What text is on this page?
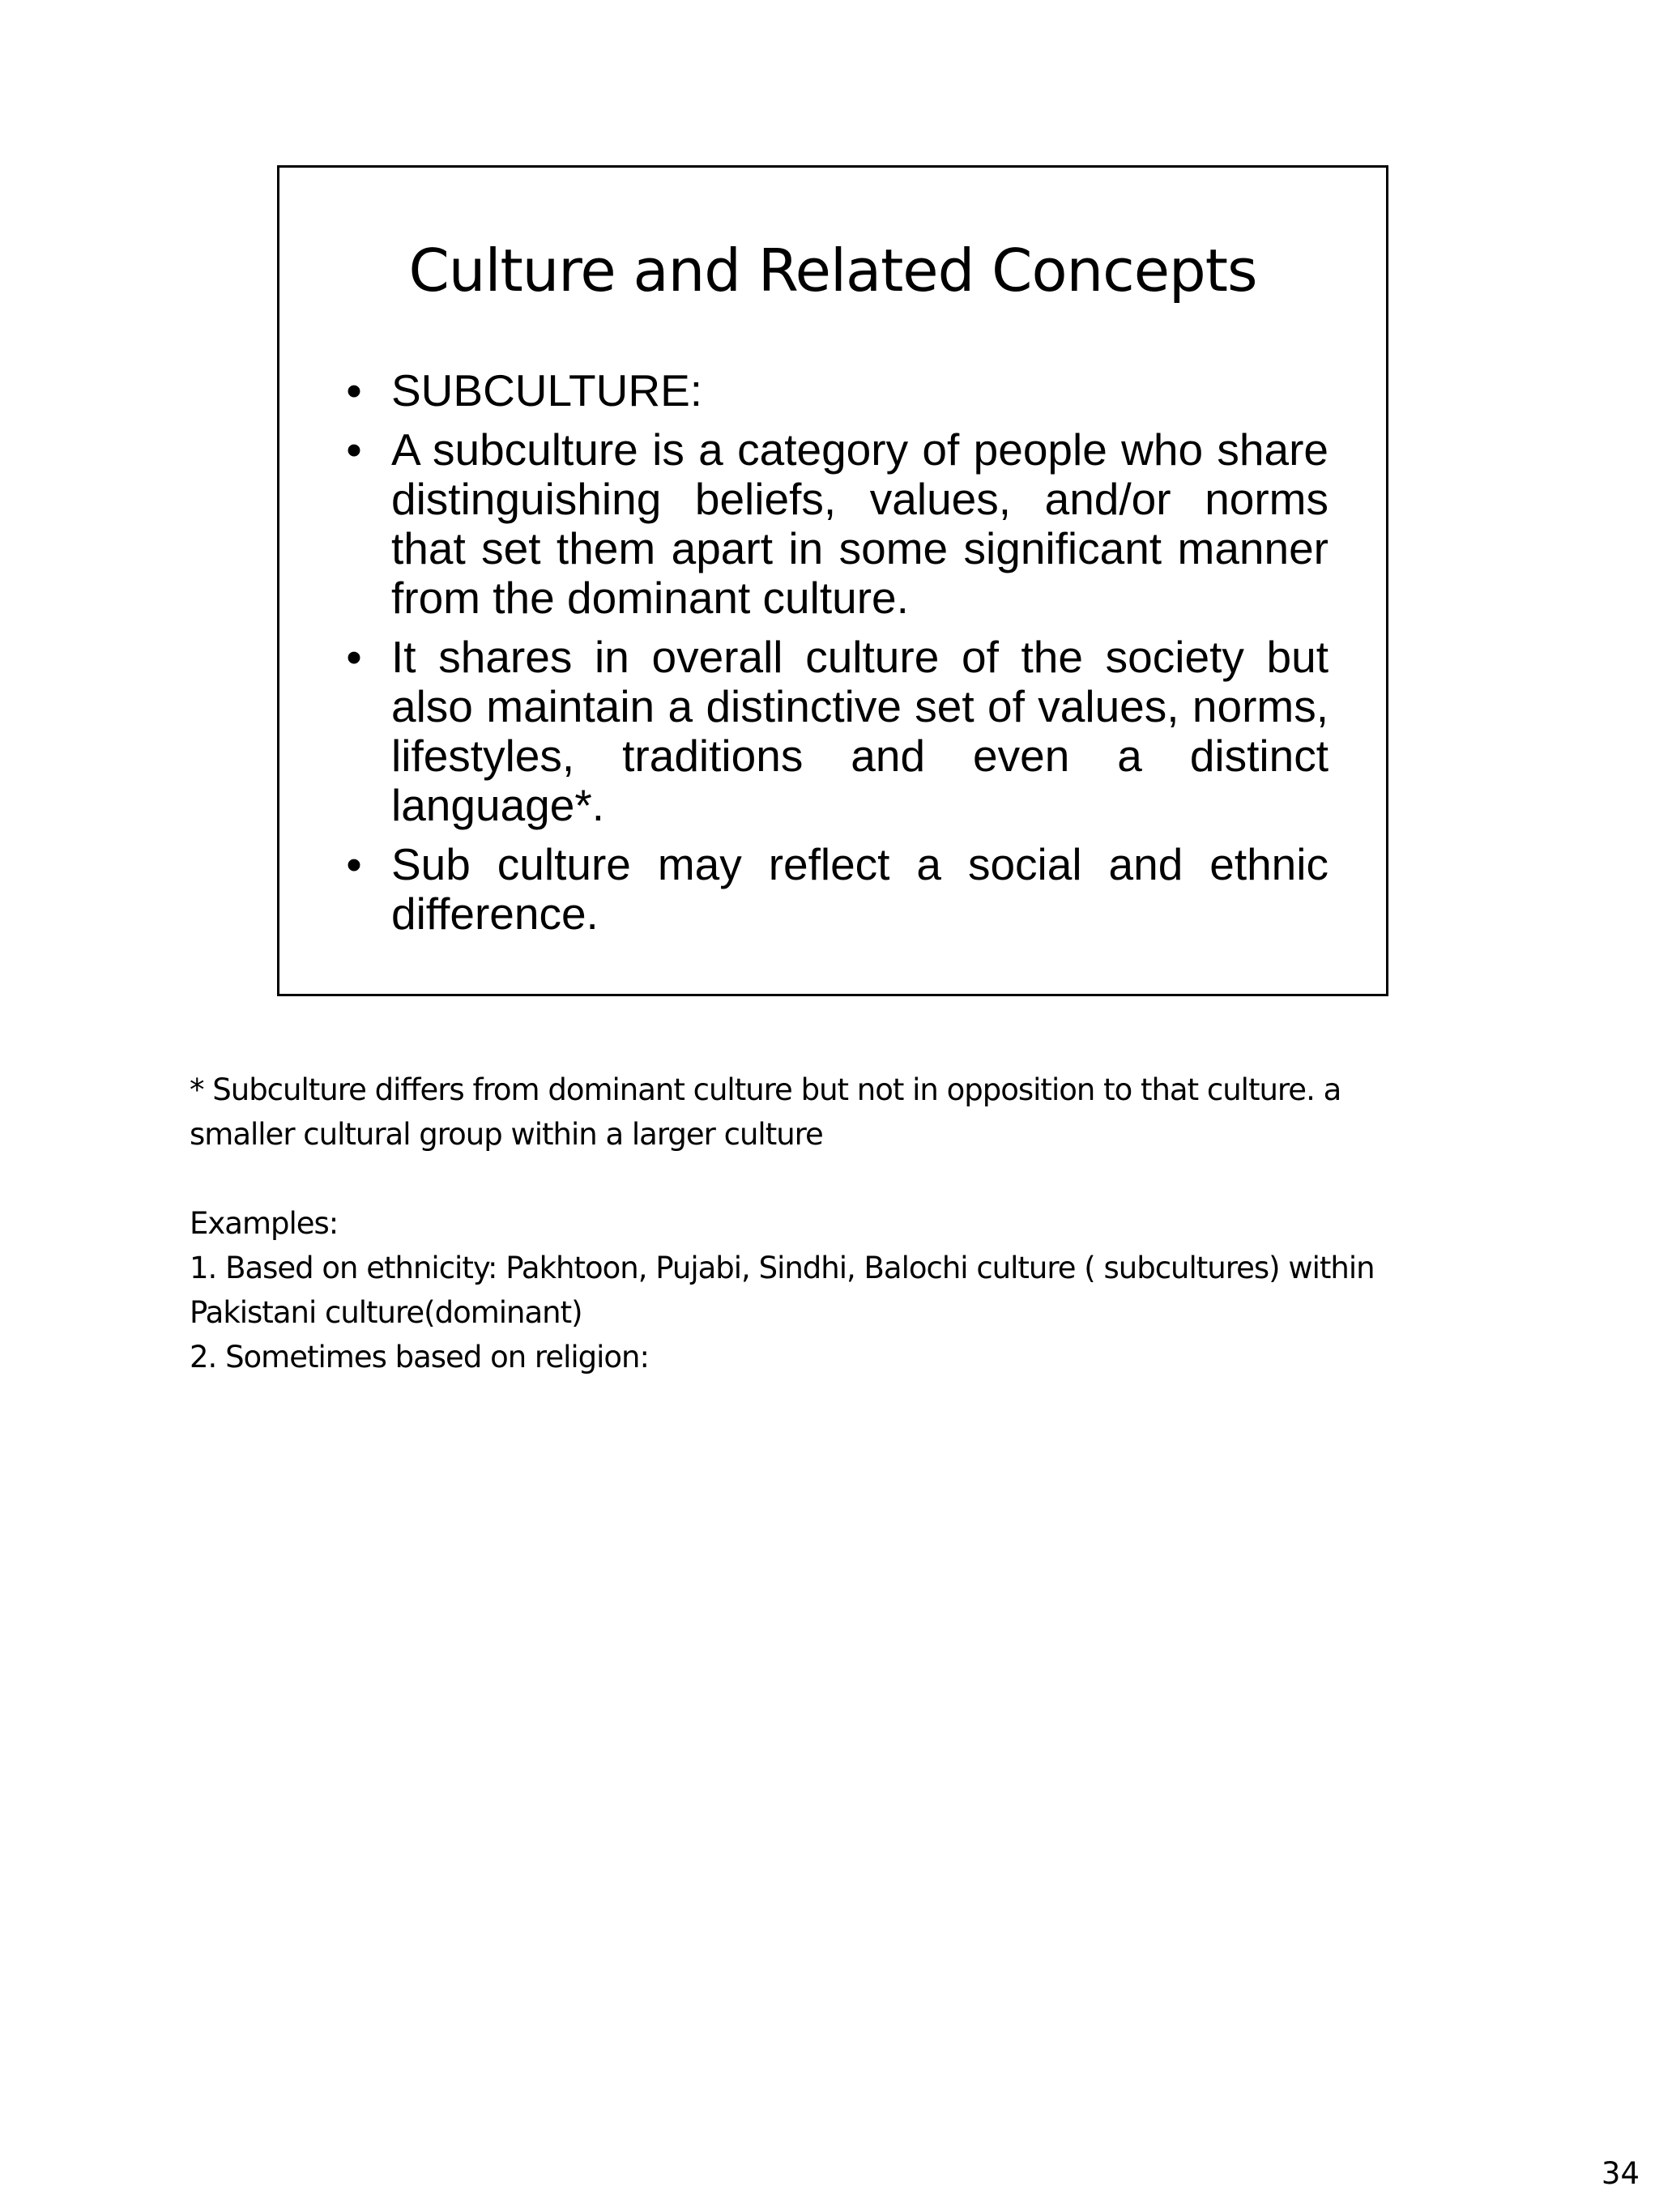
Culture and Related Concepts
• SUBCULTURE:
• A subculture is a category of people who share distinguishing beliefs, values, and/or norms that set them apart in some significant manner from the dominant culture.
• It shares in overall culture of the society but also maintain a distinctive set of values, norms, lifestyles, traditions and even a distinct language*.
• Sub culture may reflect a social and ethnic difference.
* Subculture differs from dominant culture but not in opposition to that culture. a
smaller cultural group within a larger culture
Examples:
1. Based on ethnicity: Pakhtoon, Pujabi, Sindhi, Balochi culture ( subcultures) within
Pakistani culture(dominant)
2. Sometimes based on religion:
34
